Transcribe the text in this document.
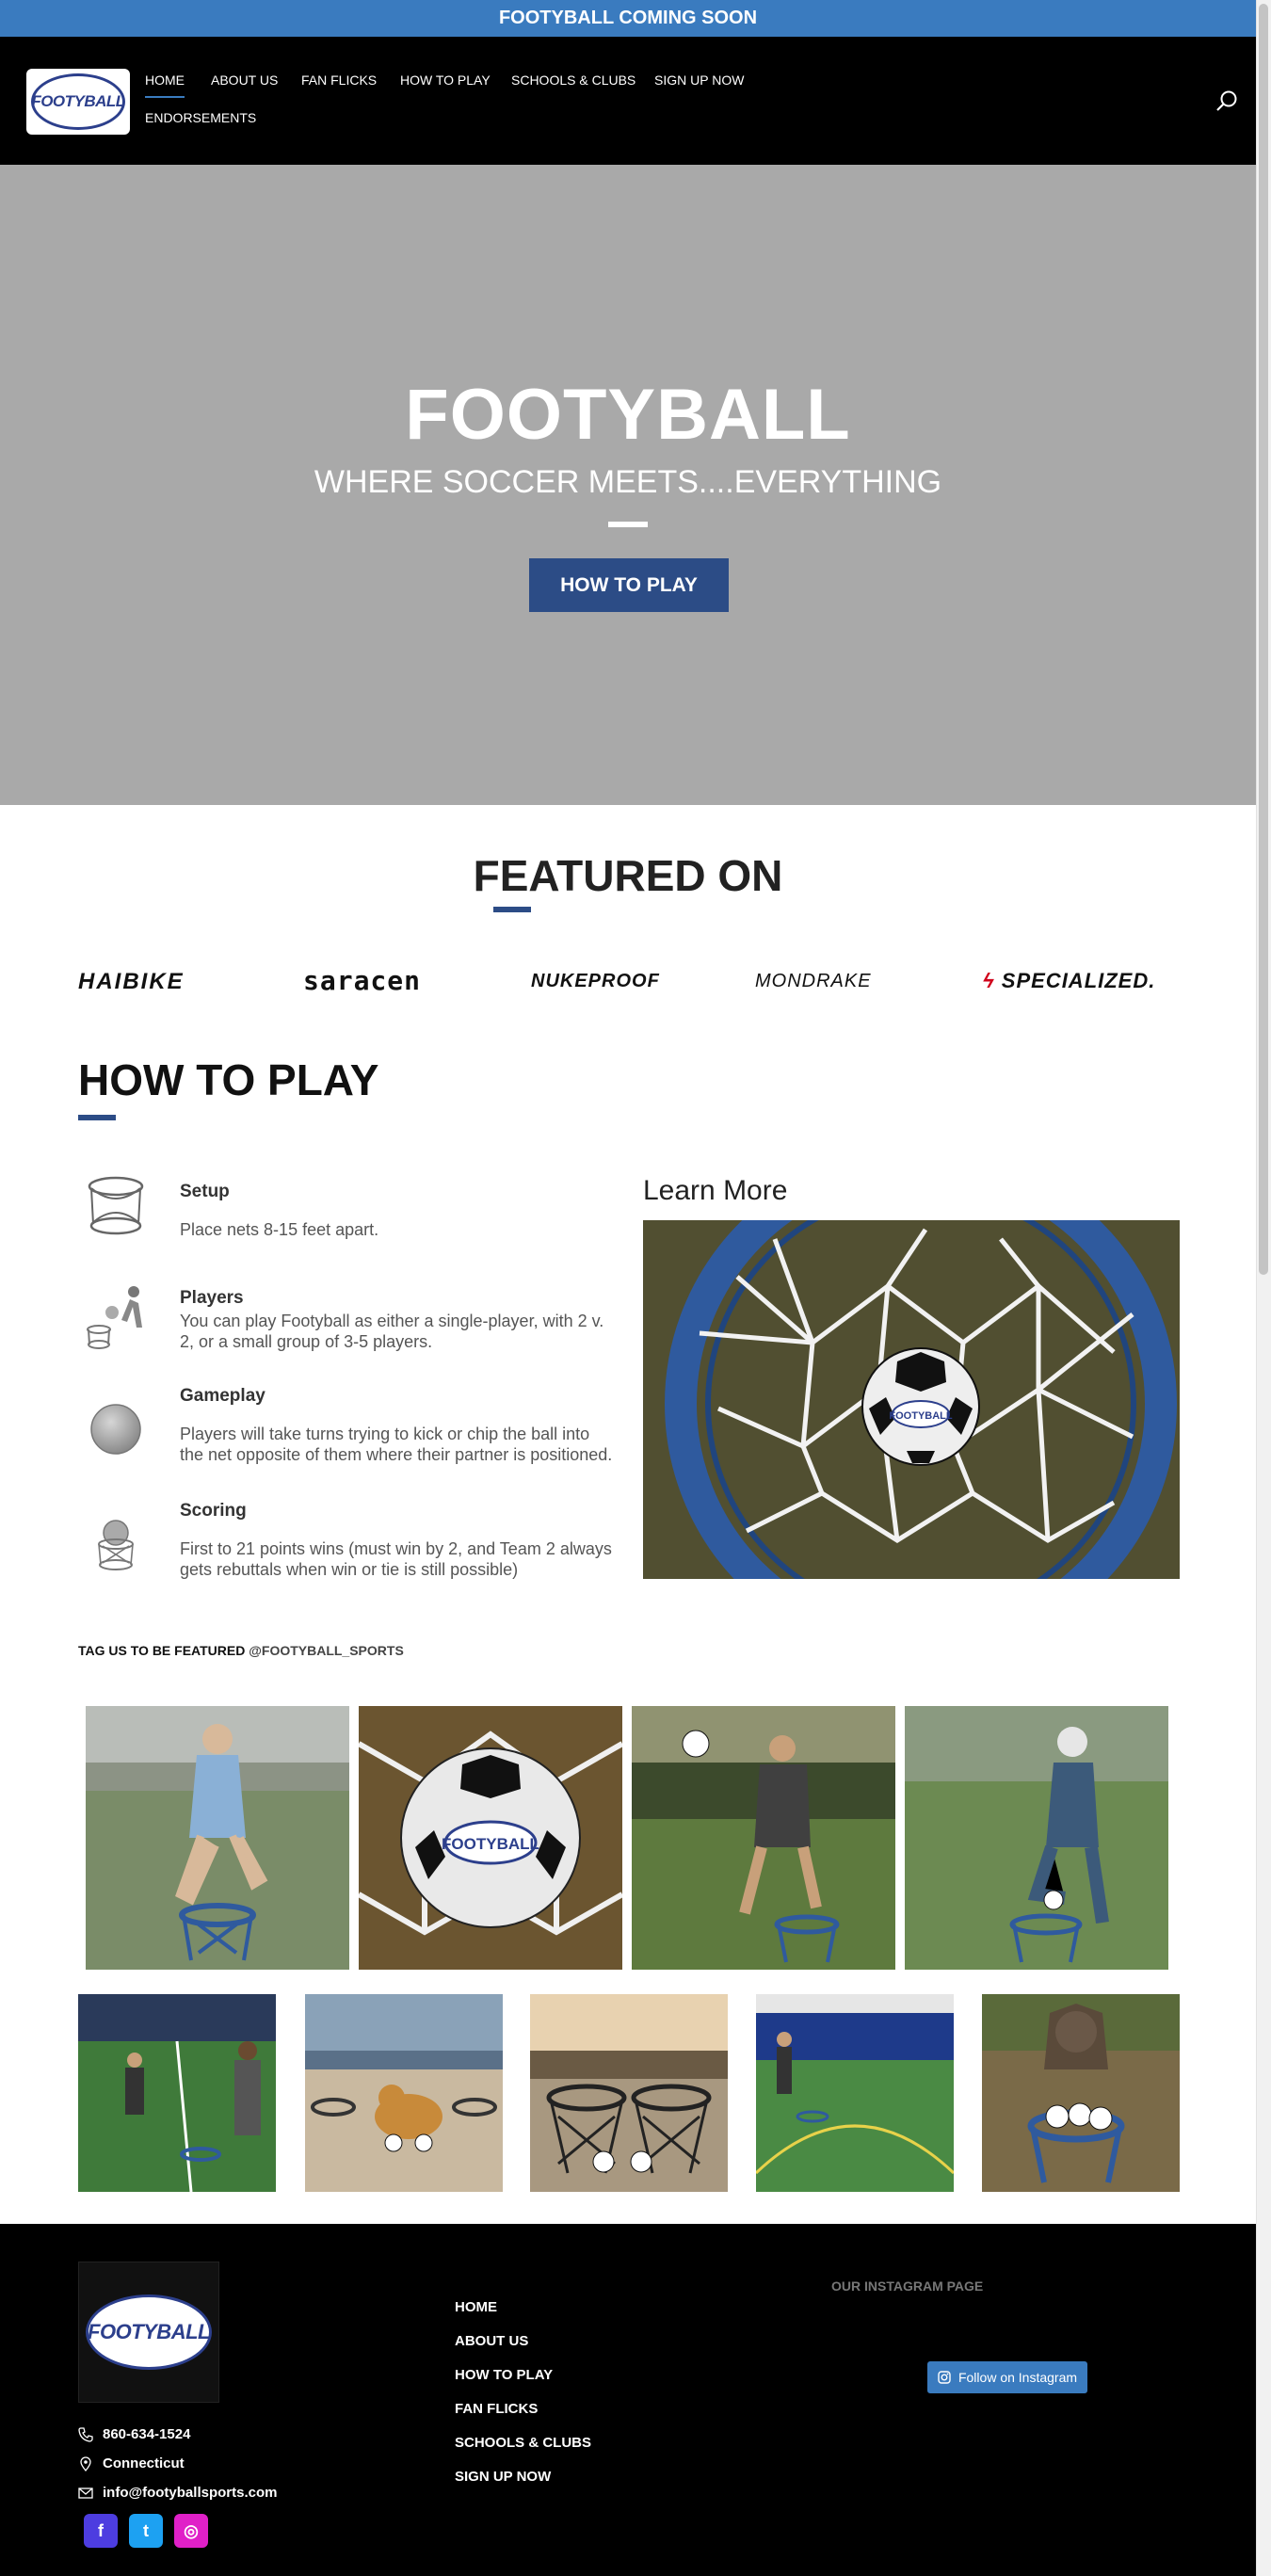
FOOTYBALL COMING SOON
FOOTYBALL
HOME ABOUT US FAN FLICKS HOW TO PLAY SCHOOLS & CLUBS SIGN UP NOW
ENDORSEMENTS
FOOTYBALL
WHERE SOCCER MEETS....EVERYTHING
HOW TO PLAY
FEATURED ON
HAIBIKE	saracen	NUKEPROOF	MONDRAKE	ϟ SPECIALIZED.
HOW TO PLAY
Setup
Place nets 8-15 feet apart.
Players
You can play Footyball as either a single-player, with 2 v. 2, or a small group of 3-5 players.
Gameplay
Players will take turns trying to kick or chip the ball into the net opposite of them where their partner is positioned.
Scoring
First to 21 points wins (must win by 2, and Team 2 always gets rebuttals when win or tie is still possible)
Learn More
FOOTYBALL
TAG US TO BE FEATURED @FOOTYBALL_SPORTS
FOOTYBALL
FOOTYBALL
860-634-1524
Connecticut
info@footyballsports.com
f t ◎
HOME
ABOUT US
HOW TO PLAY
FAN FLICKS
SCHOOLS & CLUBS
SIGN UP NOW
OUR INSTAGRAM PAGE
Follow on Instagram
